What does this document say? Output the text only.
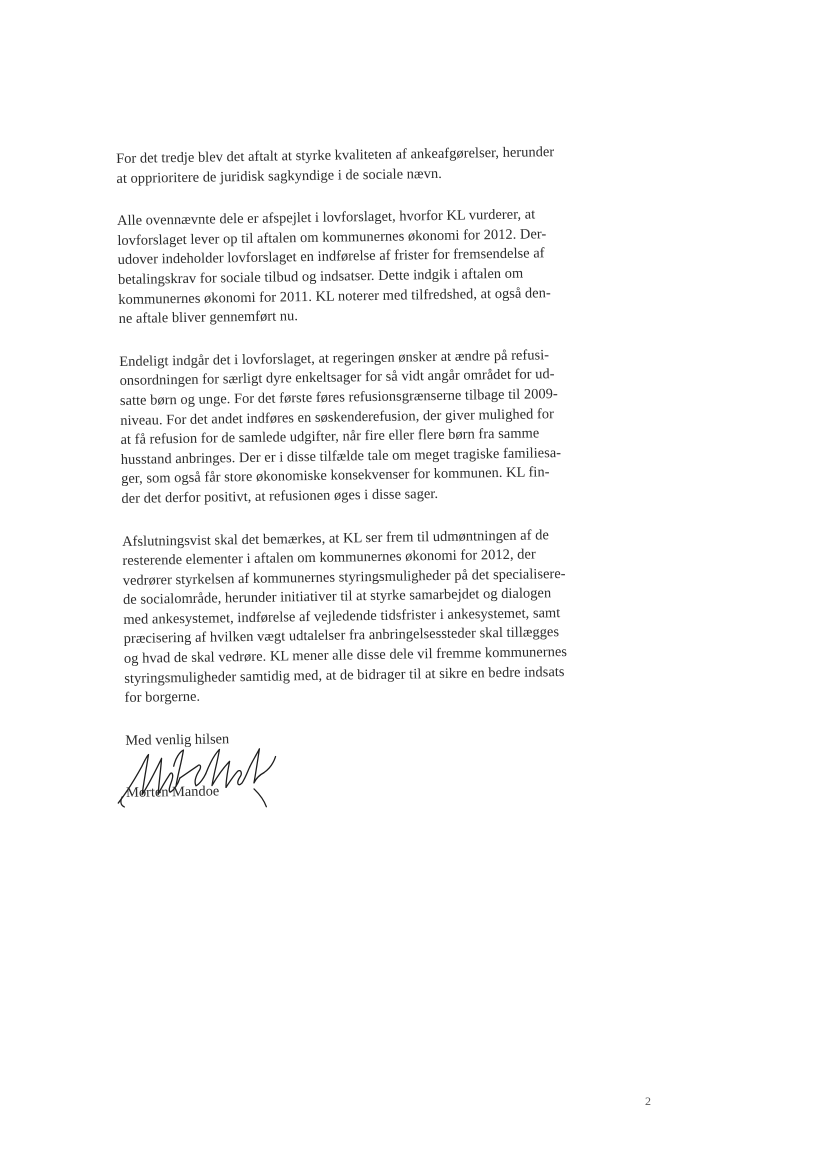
For det tredje blev det aftalt at styrke kvaliteten af ankeafgørelser, herunder
at opprioritere de juridisk sagkyndige i de sociale nævn.

Alle ovennævnte dele er afspejlet i lovforslaget, hvorfor KL vurderer, at
lovforslaget lever op til aftalen om kommunernes økonomi for 2012. Der-
udover indeholder lovforslaget en indførelse af frister for fremsendelse af
betalingskrav for sociale tilbud og indsatser. Dette indgik i aftalen om
kommunernes økonomi for 2011. KL noterer med tilfredshed, at også den-
ne aftale bliver gennemført nu.

Endeligt indgår det i lovforslaget, at regeringen ønsker at ændre på refusi-
onsordningen for særligt dyre enkeltsager for så vidt angår området for ud-
satte børn og unge. For det første føres refusionsgrænserne tilbage til 2009-
niveau. For det andet indføres en søskenderefusion, der giver mulighed for
at få refusion for de samlede udgifter, når fire eller flere børn fra samme
husstand anbringes. Der er i disse tilfælde tale om meget tragiske familiesa-
ger, som også får store økonomiske konsekvenser for kommunen. KL fin-
der det derfor positivt, at refusionen øges i disse sager.

Afslutningsvist skal det bemærkes, at KL ser frem til udmøntningen af de
resterende elementer i aftalen om kommunernes økonomi for 2012, der
vedrører styrkelsen af kommunernes styringsmuligheder på det specialisere-
de socialområde, herunder initiativer til at styrke samarbejdet og dialogen
med ankesystemet, indførelse af vejledende tidsfrister i ankesystemet, samt
præcisering af hvilken vægt udtalelser fra anbringelsessteder skal tillægges
og hvad de skal vedrøre. KL mener alle disse dele vil fremme kommunernes
styringsmuligheder samtidig med, at de bidrager til at sikre en bedre indsats
for borgerne.

Med venlig hilsen
Morten Mandoe
2
